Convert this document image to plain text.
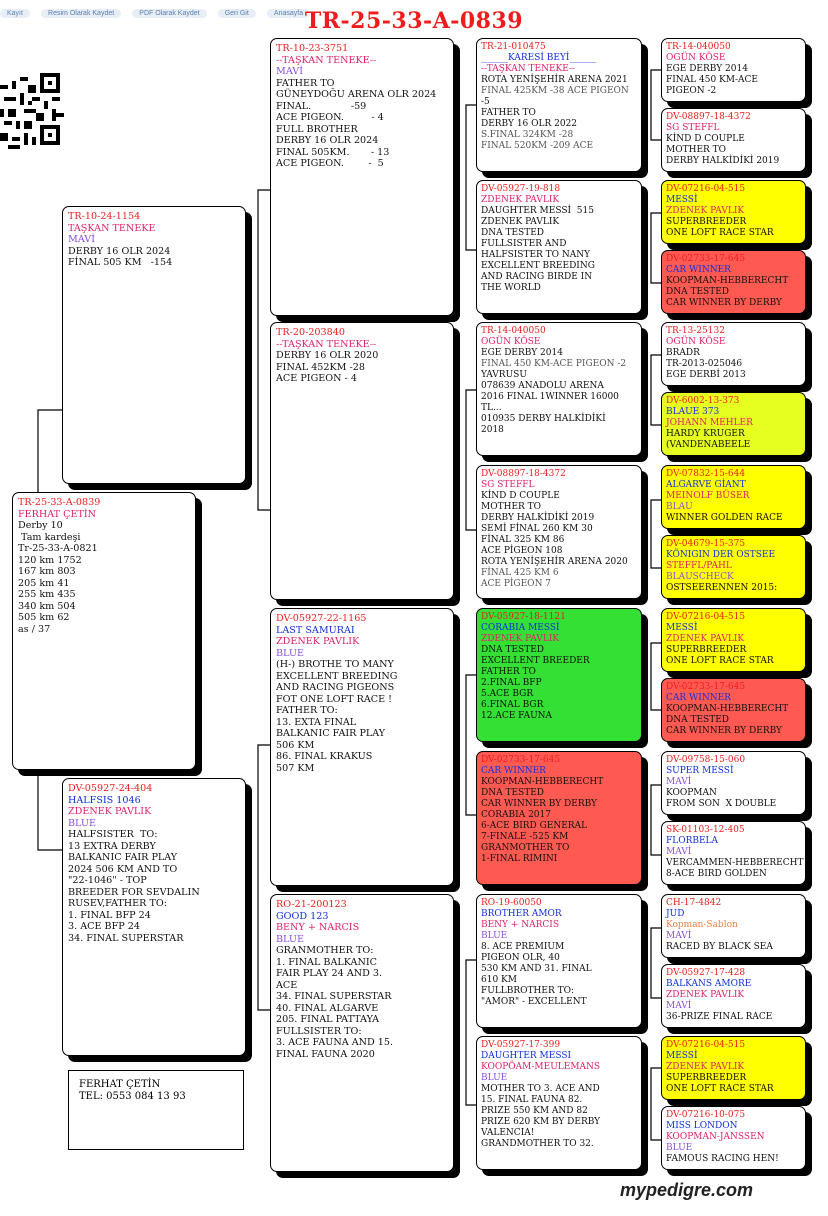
Kayıt	Resim Olarak Kaydet	PDF Olarak Kaydet	Geri Git	Anasayfa TR-25-33-A-0839
TR-25-33-A-0839
FERHAT ÇETİN
Derby 10
Tam kardeşi
Tr-25-33-A-0821
120 km 1752
167 km 803
205 km 41
255 km 435
340 km 504
505 km 62
as / 37
TR-10-24-1154
TAŞKAN TENEKE
MAVİ
DERBY 16 OLR 2024
FİNAL 505 KM   -154
DV-05927-24-404
HALFSIS 1046
ZDENEK PAVLIK
BLUE
HALFSISTER  TO:
13 EXTRA DERBY
BALKANIC FAIR PLAY
2024 506 KM AND TO
"22-1046" - TOP
BREEDER FOR SEVDALIN
RUSEV,FATHER TO:
1. FINAL BFP 24
3. ACE BFP 24
34. FINAL SUPERSTAR
TR-10-23-3751
--TAŞKAN TENEKE--
MAVİ
FATHER TO
GÜNEYDOĞU ARENA OLR 2024
FINAL.             -59
ACE PIGEON.         - 4
FULL BROTHER
DERBY 16 OLR 2024
FINAL 505KM.       - 13
ACE PIGEON.        -  5
TR-20-203840
--TAŞKAN TENEKE--
DERBY 16 OLR 2020
FINAL 452KM -28
ACE PIGEON - 4
DV-05927-22-1165
LAST SAMURAI
ZDENEK PAVLIK
BLUE
(H-) BROTHE TO MANY
EXCELLENT BREEDING
AND RACING PIGEONS
FOT ONE LOFT RACE !
FATHER TO:
13. EXTA FINAL
BALKANIC FAIR PLAY
506 KM
86. FINAL KRAKUS
507 KM
RO-21-200123
GOOD 123
BENY + NARCIS
BLUE
GRANMOTHER TO:
1. FINAL BALKANIC
FAIR PLAY 24 AND 3.
ACE
34. FINAL SUPERSTAR
40. FINAL ALGARVE
205. FINAL PATTAYA
FULLSISTER TO:
3. ACE FAUNA AND 15.
FINAL FAUNA 2020
TR-21-010475
______KARESİ BEYİ______
--TAŞKAN TENEKE--
ROTA YENİŞEHİR ARENA 2021
FINAL 425KM -38 ACE PIGEON
-5
FATHER TO
DERBY 16 OLR 2022
S.FINAL 324KM -28
FINAL 520KM -209 ACE
DV-05927-19-818
ZDENEK PAVLIK
DAUGHTER MESSİ  515
ZDENEK PAVLIK
DNA TESTED
FULLSISTER AND
HALFSISTER TO NANY
EXCELLENT BREEDING
AND RACING BIRDE IN
THE WORLD
TR-14-040050
OGÜN KÖSE
EGE DERBY 2014
FINAL 450 KM-ACE PIGEON -2
YAVRUSU
078639 ANADOLU ARENA
2016 FINAL 1WINNER 16000
TL...
010935 DERBY HALKİDİKİ
2018
DV-08897-18-4372
SG STEFFL
KİND D COUPLE
MOTHER TO
DERBY HALKİDİKİ 2019
SEMİ FİNAL 260 KM 30
FİNAL 325 KM 86
ACE PİGEON 108
ROTA YENİŞEHİR ARENA 2020
FİNAL 425 KM 6
ACE PİGEON 7
DV-05927-18-1121
CORABIA MESSİ
ZDENEK PAVLIK
DNA TESTED
EXCELLENT BREEDER
FATHER TO
2.FINAL BFP
5.ACE BGR
6.FINAL BGR
12.ACE FAUNA
DV-02733-17-645
CAR WINNER
KOOPMAN-HEBBERECHT
DNA TESTED
CAR WINNER BY DERBY
CORABIA 2017
6-ACE BIRD GENERAL
7-FINALE -525 KM
GRANMOTHER TO
1-FINAL RIMINI
RO-19-60050
BROTHER AMOR
BENY + NARCIS
BLUE
8. ACE PREMIUM
PIGEON OLR, 40
530 KM AND 31. FINAL
610 KM
FULLBROTHER TO:
"AMOR" - EXCELLENT
DV-05927-17-399
DAUGHTER MESSI
KOOPÖAM-MEULEMANS
BLUE
MOTHER TO 3. ACE AND
15. FINAL FAUNA 82.
PRIZE 550 KM AND 82
PRIZE 620 KM BY DERBY
VALENCIA!
GRANDMOTHER TO 32.
TR-14-040050
OGÜN KÖSE
EGE DERBY 2014
FINAL 450 KM-ACE
PIGEON -2
DV-08897-18-4372
SG STEFFL
KİND D COUPLE
MOTHER TO
DERBY HALKİDİKİ 2019
DV-07216-04-515
MESSİ
ZDENEK PAVLIK
SUPERBREEDER
ONE LOFT RACE STAR
DV-02733-17-645
CAR WINNER
KOOPMAN-HEBBERECHT
DNA TESTED
CAR WINNER BY DERBY
TR-13-25132
OGÜN KÖSE
BRADR
TR-2013-025046
EGE DERBİ 2013
DV-6002-13-373
BLAUE 373
JOHANN MEHLER
HARDY KRUGER
(VANDENABEELE
DV-07832-15-644
ALGARVE GİANT
MEINOLF BÜSER
BLAU
WINNER GOLDEN RACE
DV-04679-15-375
KÖNIGIN DER OSTSEE
STEFFL/PAHL
BLAUSCHECK
OSTSEERENNEN 2015:
DV-07216-04-515
MESSİ
ZDENEK PAVLIK
SUPERBREEDER
ONE LOFT RACE STAR
DV-02733-17-645
CAR WINNER
KOOPMAN-HEBBERECHT
DNA TESTED
CAR WINNER BY DERBY
DV-09758-15-060
SUPER MESSİ
MAVİ
KOOPMAN
FROM SON  X DOUBLE
SK-01103-12-405
FLORBELA
MAVİ
VERCAMMEN-HEBBERECHT
8-ACE BIRD GOLDEN
CH-17-4842
JUD
Kopman-Sablon
MAVİ
RACED BY BLACK SEA
DV-05927-17-428
BALKANS AMORE
ZDENEK PAVLIK
MAVİ
36-PRIZE FINAL RACE
DV-07216-04-515
MESSİ
ZDENEK PAVLIK
SUPERBREEDER
ONE LOFT RACE STAR
DV-07216-10-075
MISS LONDON
KOOPMAN-JANSSEN
BLUE
FAMOUS RACING HEN!
FERHAT ÇETİN
TEL: 0553 084 13 93
mypedigre.com
